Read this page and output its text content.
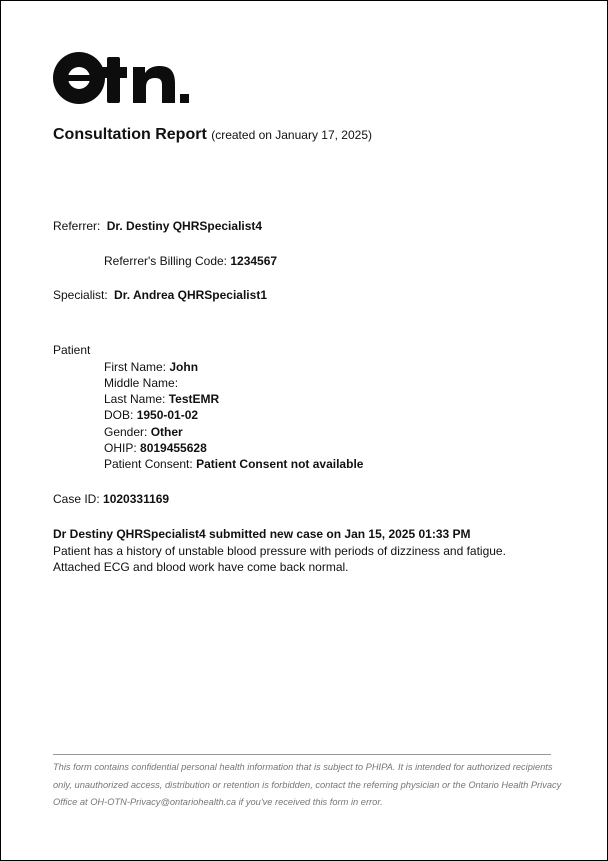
otn
Consultation Report (created on January 17, 2025)
Referrer: Dr. Destiny QHRSpecialist4
Referrer's Billing Code: 1234567
Specialist: Dr. Andrea QHRSpecialist1
Patient
First Name: John
Middle Name:
Last Name: TestEMR
DOB: 1950-01-02
Gender: Other
OHIP: 8019455628
Patient Consent: Patient Consent not available
Case ID: 1020331169
Dr Destiny QHRSpecialist4 submitted new case on Jan 15, 2025 01:33 PM
Patient has a history of unstable blood pressure with periods of dizziness and fatigue.
Attached ECG and blood work have come back normal.
This form contains confidential personal health information that is subject to PHIPA. It is intended for authorized recipients only, unauthorized access, distribution or retention is forbidden, contact the referring physician or the Ontario Health Privacy Office at OH-OTN-Privacy@ontariohealth.ca if you've received this form in error.
